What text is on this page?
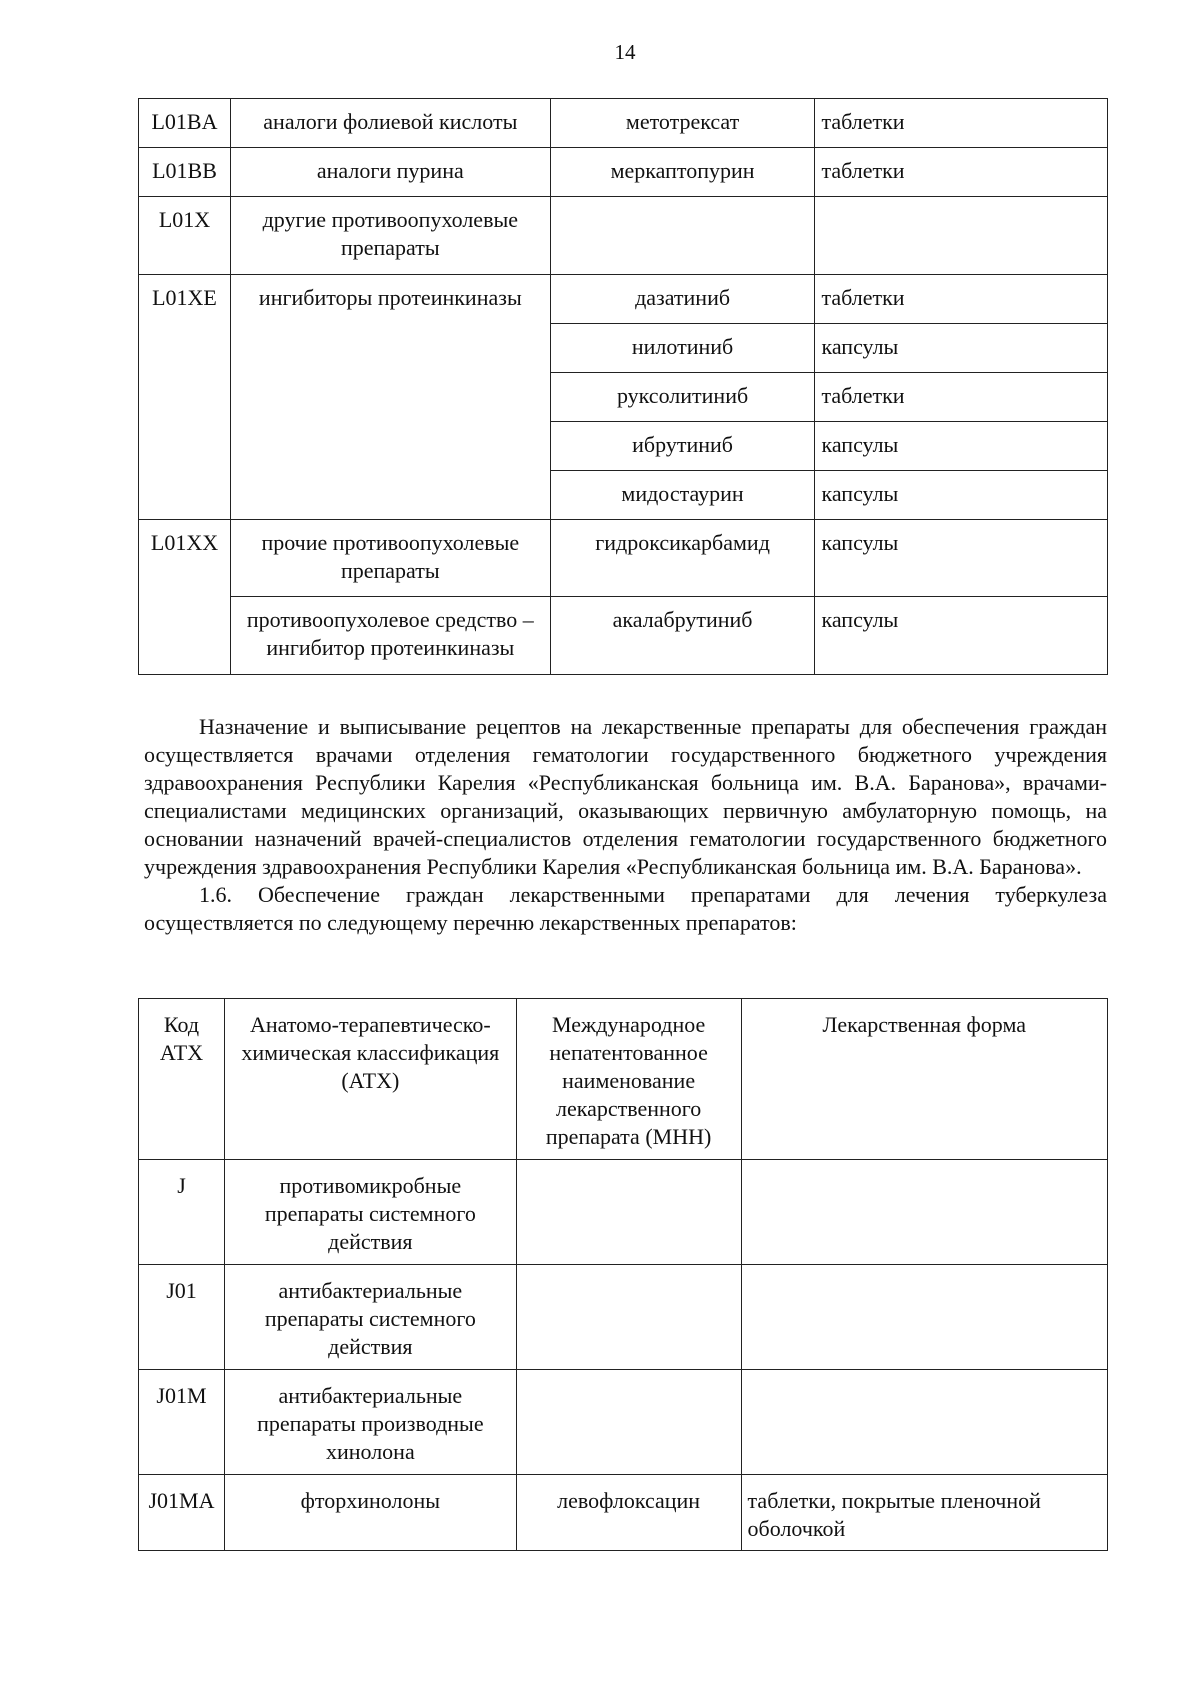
14
L01BA	аналоги фолиевой кислоты	метотрексат	таблетки
L01BB	аналоги пурина	меркаптопурин	таблетки
L01X	другие противоопухолевые препараты		
L01XE	ингибиторы протеинкиназы	дазатиниб	таблетки
		нилотиниб	капсулы
		руксолитиниб	таблетки
		ибрутиниб	капсулы
		мидостаурин	капсулы
L01XX	прочие противоопухолевые препараты	гидроксикарбамид	капсулы
	противоопухолевое средство – ингибитор протеинкиназы	акалабрутиниб	капсулы

Назначение и выписывание рецептов на лекарственные препараты для обеспечения граждан осуществляется врачами отделения гематологии государственного бюджетного учреждения здравоохранения Республики Карелия «Республиканская больница им. В.А. Баранова», врачами-специалистами медицинских организаций, оказывающих первичную амбулаторную помощь, на основании назначений врачей-специалистов отделения гематологии государственного бюджетного учреждения здравоохранения Республики Карелия «Республиканская больница им. В.А. Баранова».

1.6. Обеспечение граждан лекарственными препаратами для лечения туберкулеза осуществляется по следующему перечню лекарственных препаратов:

Код АТХ	Анатомо-терапевтическо-химическая классификация (АТХ)	Международное непатентованное наименование лекарственного препарата (МНН)	Лекарственная форма
J	противомикробные препараты системного действия		
J01	антибактериальные препараты системного действия		
J01M	антибактериальные препараты производные хинолона		
J01MA	фторхинолоны	левофлоксацин	таблетки, покрытые пленочной оболочкой
